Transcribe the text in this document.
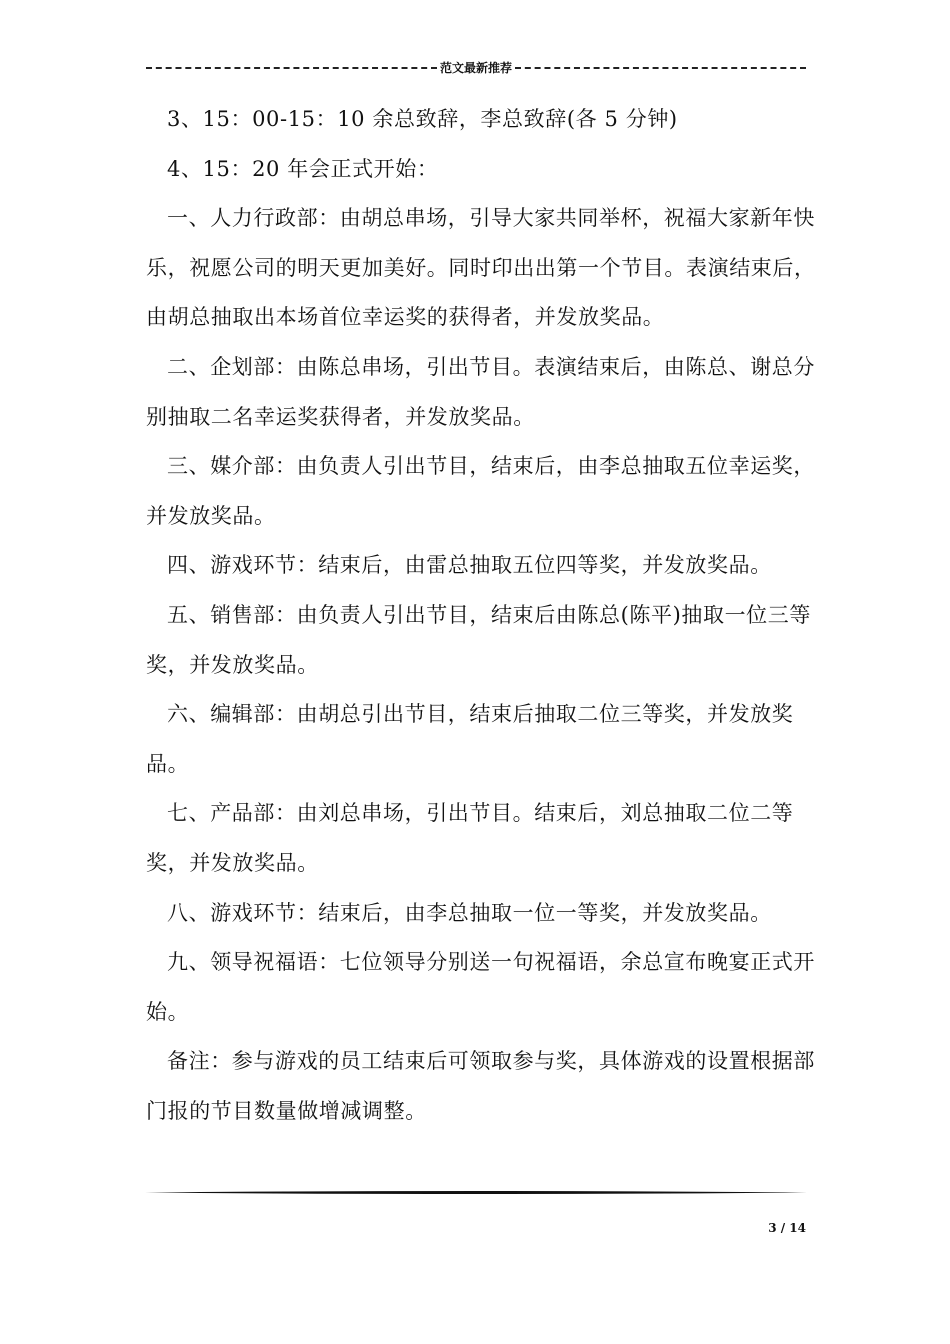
范文最新推荐

3、15：00-15：10 余总致辞，李总致辞(各 5 分钟)

4、15：20 年会正式开始：

一、人力行政部：由胡总串场，引导大家共同举杯，祝福大家新年快乐，祝愿公司的明天更加美好。同时印出出第一个节目。表演结束后，由胡总抽取出本场首位幸运奖的获得者，并发放奖品。

二、企划部：由陈总串场，引出节目。表演结束后，由陈总、谢总分别抽取二名幸运奖获得者，并发放奖品。

三、媒介部：由负责人引出节目，结束后，由李总抽取五位幸运奖，并发放奖品。

四、游戏环节：结束后，由雷总抽取五位四等奖，并发放奖品。

五、销售部：由负责人引出节目，结束后由陈总(陈平)抽取一位三等奖，并发放奖品。

六、编辑部：由胡总引出节目，结束后抽取二位三等奖，并发放奖品。

七、产品部：由刘总串场，引出节目。结束后，刘总抽取二位二等奖，并发放奖品。

八、游戏环节：结束后，由李总抽取一位一等奖，并发放奖品。

九、领导祝福语：七位领导分别送一句祝福语，余总宣布晚宴正式开始。

备注：参与游戏的员工结束后可领取参与奖，具体游戏的设置根据部门报的节目数量做增减调整。

3 / 14
